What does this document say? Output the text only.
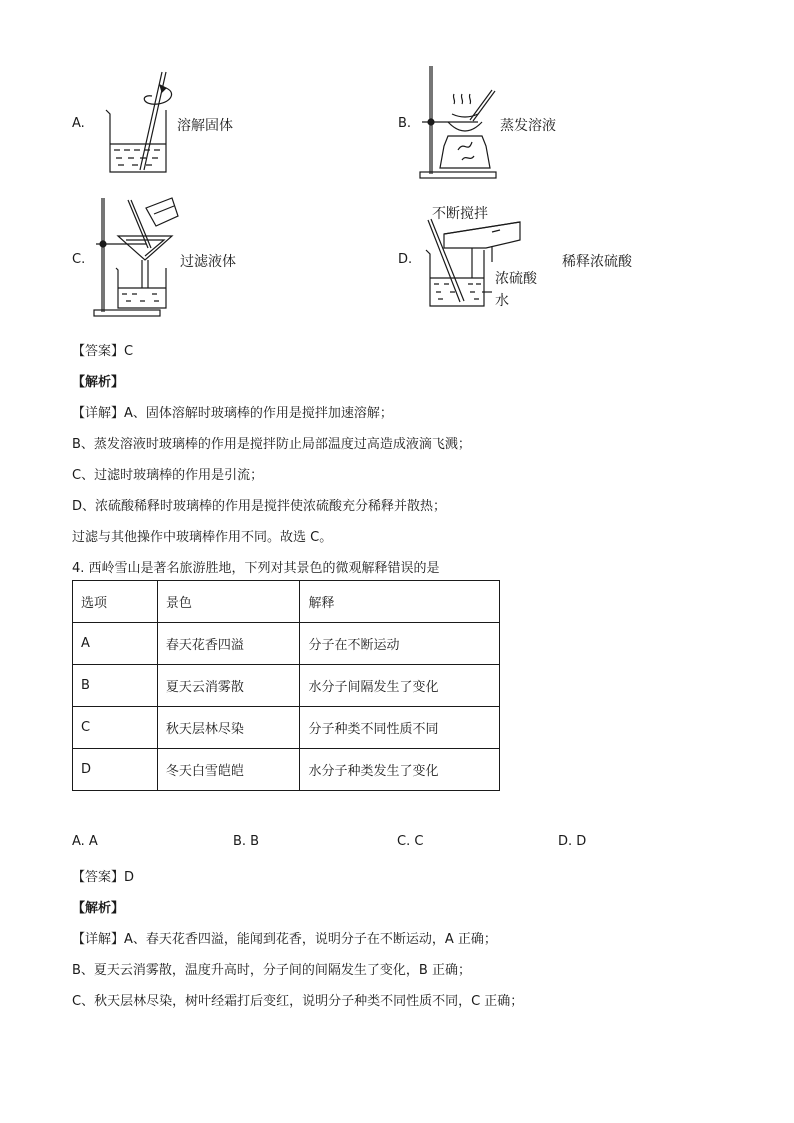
A.	溶解固体	B.	蒸发溶液
C.	过滤液体	D.
不断搅拌
浓硫酸
水
稀释浓硫酸
【答案】C
【解析】
【详解】A、固体溶解时玻璃棒的作用是搅拌加速溶解；
B、蒸发溶液时玻璃棒的作用是搅拌防止局部温度过高造成液滴飞溅；
C、过滤时玻璃棒的作用是引流；
D、浓硫酸稀释时玻璃棒的作用是搅拌使浓硫酸充分稀释并散热；
过滤与其他操作中玻璃棒作用不同。故选 C。
4. 西岭雪山是著名旅游胜地，下列对其景色的微观解释错误的是
选项	景色	解释
A	春天花香四溢	分子在不断运动
B	夏天云消雾散	水分子间隔发生了变化
C	秋天层林尽染	分子种类不同性质不同
D	冬天白雪皑皑	水分子种类发生了变化
A. A	B. B	C. C	D. D
【答案】D
【解析】
【详解】A、春天花香四溢，能闻到花香，说明分子在不断运动，A 正确；
B、夏天云消雾散，温度升高时，分子间的间隔发生了变化，B 正确；
C、秋天层林尽染，树叶经霜打后变红，说明分子种类不同性质不同，C 正确；
